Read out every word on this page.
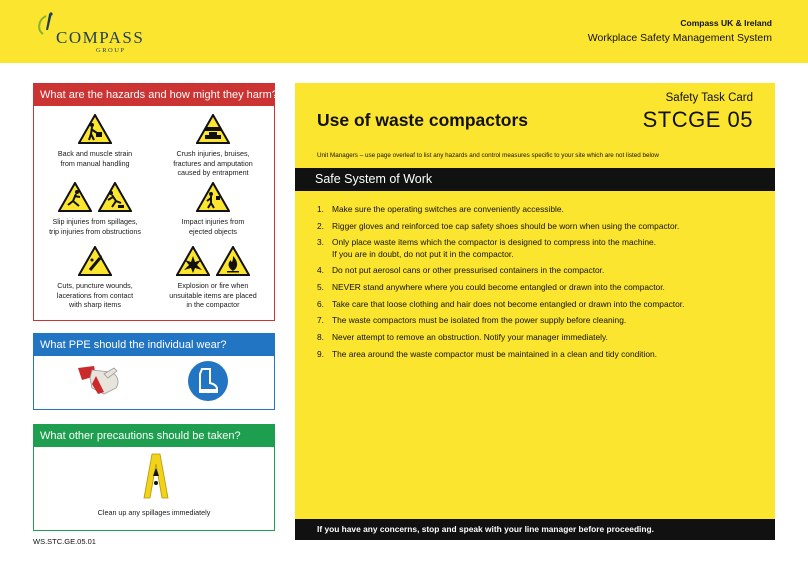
COMPASS
GROUP
Compass UK & Ireland
Workplace Safety Management System
What are the hazards and how might they harm?
Back and muscle strain
from manual handling
Crush injuries, bruises,
fractures and amputation
caused by entrapment
Slip injuries from spillages,
trip injuries from obstructions
Impact injuries from
ejected objects
Cuts, puncture wounds,
lacerations from contact
with sharp items
Explosion or fire when
unsuitable items are placed
in the compactor
What PPE should the individual wear?
What other precautions should be taken?
Clean up any spillages immediately
WS.STC.GE.05.01
Safety Task Card
STCGE 05
Use of waste compactors
Unit Managers – use page overleaf to list any hazards and control measures specific to your site which are not listed below
Safe System of Work
1. Make sure the operating switches are conveniently accessible.
2. Rigger gloves and reinforced toe cap safety shoes should be worn when using the compactor.
3. Only place waste items which the compactor is designed to compress into the machine.
If you are in doubt, do not put it in the compactor.
4. Do not put aerosol cans or other pressurised containers in the compactor.
5. NEVER stand anywhere where you could become entangled or drawn into the compactor.
6. Take care that loose clothing and hair does not become entangled or drawn into the compactor.
7. The waste compactors must be isolated from the power supply before cleaning.
8. Never attempt to remove an obstruction. Notify your manager immediately.
9. The area around the waste compactor must be maintained in a clean and tidy condition.
If you have any concerns, stop and speak with your line manager before proceeding.
